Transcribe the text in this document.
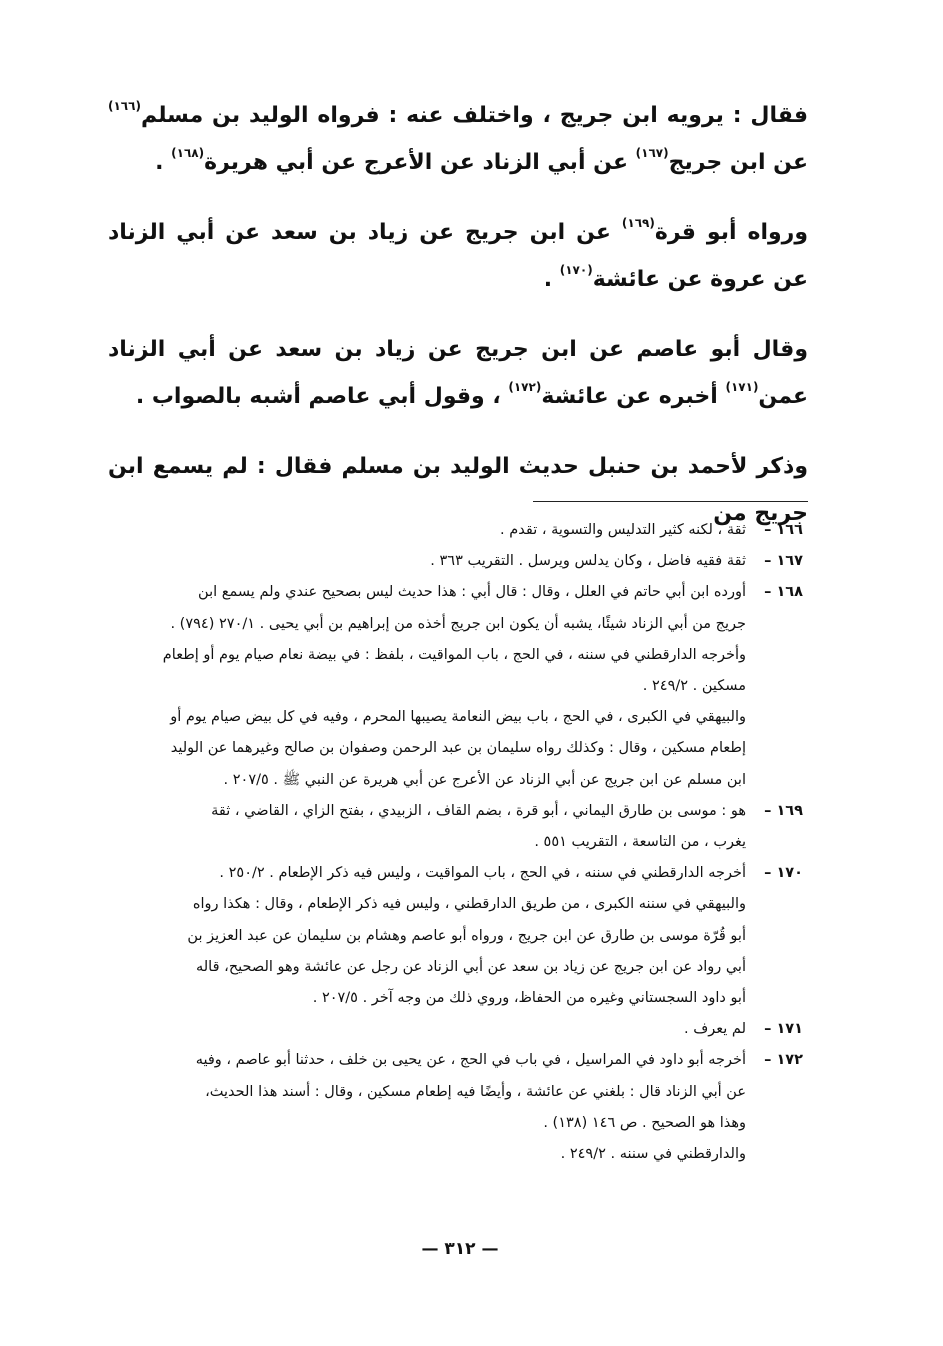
فقال : يرويه ابن جريج ، واختلف عنه : فرواه الوليد بن مسلم$^{(١٦٦)}$ عن ابن جريج$^{(١٦٧)}$ عن أبي الزناد عن الأعرج عن أبي هريرة$^{(١٦٨)}$ .

ورواه أبو قرة$^{(١٦٩)}$ عن ابن جريج عن زياد بن سعد عن أبي الزناد عن عروة عن عائشة$^{(١٧٠)}$ .

وقال أبو عاصم عن ابن جريج عن زياد بن سعد عن أبي الزناد عمن$^{(١٧١)}$ أخبره عن عائشة$^{(١٧٢)}$ ، وقول أبي عاصم أشبه بالصواب .

وذكر لأحمد بن حنبل حديث الوليد بن مسلم فقال : لم يسمع ابن جريج من

١٦٦ –
ثقة ، لكنه كثير التدليس والتسوية ، تقدم .
١٦٧ –
ثقة فقيه فاضل ، وكان يدلس ويرسل . التقريب ٣٦٣ .
١٦٨ –
أورده ابن أبي حاتم في العلل ، وقال : قال أبي : هذا حديث ليس بصحيح عندي ولم يسمع ابن
جريج من أبي الزناد شيئًا، يشبه أن يكون ابن جريج أخذه من إبراهيم بن أبي يحيى . ٢٧٠/١ (٧٩٤) .
وأخرجه الدارقطني في سننه ، في الحج ، باب المواقيت ، بلفظ : في بيضة نعام صيام يوم أو إطعام
مسكين . ٢٤٩/٢ .
والبيهقي في الكبرى ، في الحج ، باب بيض النعامة يصيبها المحرم ، وفيه في كل بيض صيام يوم أو
إطعام مسكين ، وقال : وكذلك رواه سليمان بن عبد الرحمن وصفوان بن صالح وغيرهما عن الوليد
ابن مسلم عن ابن جريج عن أبي الزناد عن الأعرج عن أبي هريرة عن النبي ﷺ . ٢٠٧/٥ .
١٦٩ –
هو : موسى بن طارق اليماني ، أبو قرة ، بضم القاف ، الزبيدي ، بفتح الزاي ، القاضي ، ثقة
يغرب ، من التاسعة ، التقريب ٥٥١ .
١٧٠ –
أخرجه الدارقطني في سننه ، في الحج ، باب المواقيت ، وليس فيه ذكر الإطعام . ٢٥٠/٢ .
والبيهقي في سننه الكبرى ، من طريق الدارقطني ، وليس فيه ذكر الإطعام ، وقال : هكذا رواه
أبو قُرّة موسى بن طارق عن ابن جريج ، ورواه أبو عاصم وهشام بن سليمان عن عبد العزيز بن
أبي رواد عن ابن جريج عن زياد بن سعد عن أبي الزناد عن رجل عن عائشة وهو الصحيح، قاله
أبو داود السجستاني وغيره من الحفاظ، وروي ذلك من وجه آخر . ٢٠٧/٥ .
١٧١ –
لم يعرف .
١٧٢ –
أخرجه أبو داود في المراسيل ، في باب في الحج ، عن يحيى بن خلف ، حدثنا أبو عاصم ، وفيه
عن أبي الزناد قال : بلغني عن عائشة ، وأيضًا فيه إطعام مسكين ، وقال : أسند هذا الحديث،
وهذا هو الصحيح . ص ١٤٦ (١٣٨) .
والدارقطني في سننه . ٢٤٩/٢ .
— ٣١٢ —
